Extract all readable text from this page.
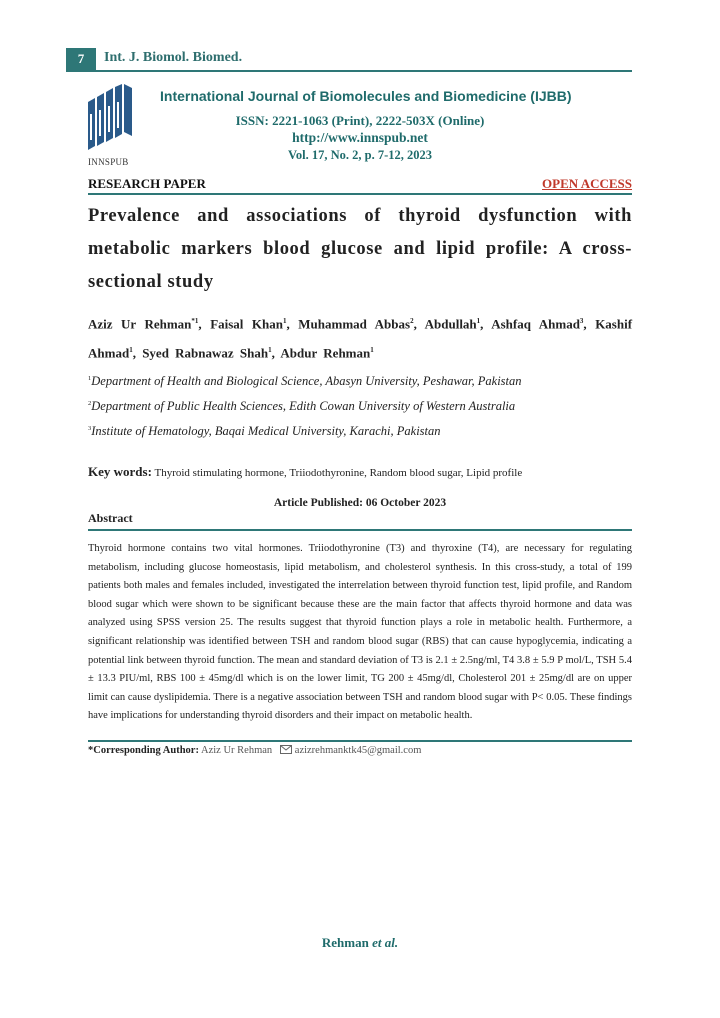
7	Int. J. Biomol. Biomed.
INNSPUB
International Journal of Biomolecules and Biomedicine (IJBB)
ISSN: 2221-1063 (Print), 2222-503X (Online)
http://www.innspub.net
Vol. 17, No. 2, p. 7-12, 2023
RESEARCH PAPER	OPEN ACCESS
Prevalence and associations of thyroid dysfunction with metabolic markers blood glucose and lipid profile: A cross-sectional study
Aziz Ur Rehman$^{*1}$, Faisal Khan$^1$, Muhammad Abbas$^2$, Abdullah$^1$, Ashfaq Ahmad$^3$, Kashif Ahmad$^1$, Syed Rabnawaz Shah$^1$, Abdur Rehman$^1$
$^1$Department of Health and Biological Science, Abasyn University, Peshawar, Pakistan
$^2$Department of Public Health Sciences, Edith Cowan University of Western Australia
$^3$Institute of Hematology, Baqai Medical University, Karachi, Pakistan
Key words: Thyroid stimulating hormone, Triiodothyronine, Random blood sugar, Lipid profile
Article Published: 06 October 2023
Abstract
Thyroid hormone contains two vital hormones. Triiodothyronine (T3) and thyroxine (T4), are necessary for regulating metabolism, including glucose homeostasis, lipid metabolism, and cholesterol synthesis. In this cross-study, a total of 199 patients both males and females included, investigated the interrelation between thyroid function test, lipid profile, and Random blood sugar which were shown to be significant because these are the main factor that affects thyroid hormone and data was analyzed using SPSS version 25. The results suggest that thyroid function plays a role in metabolic health. Furthermore, a significant relationship was identified between TSH and random blood sugar (RBS) that can cause hypoglycemia, indicating a potential link between thyroid function. The mean and standard deviation of T3 is 2.1 ± 2.5ng/ml, T4 3.8 ± 5.9 P mol/L, TSH 5.4 ± 13.3 PIU/ml, RBS 100 ± 45mg/dl which is on the lower limit, TG 200 ± 45mg/dl, Cholesterol 201 ± 25mg/dl are on upper limit can cause dyslipidemia. There is a negative association between TSH and random blood sugar with P< 0.05. These findings have implications for understanding thyroid disorders and their impact on metabolic health.
*Corresponding Author: Aziz Ur Rehman azizrehmanktk45@gmail.com
Rehman et al.
